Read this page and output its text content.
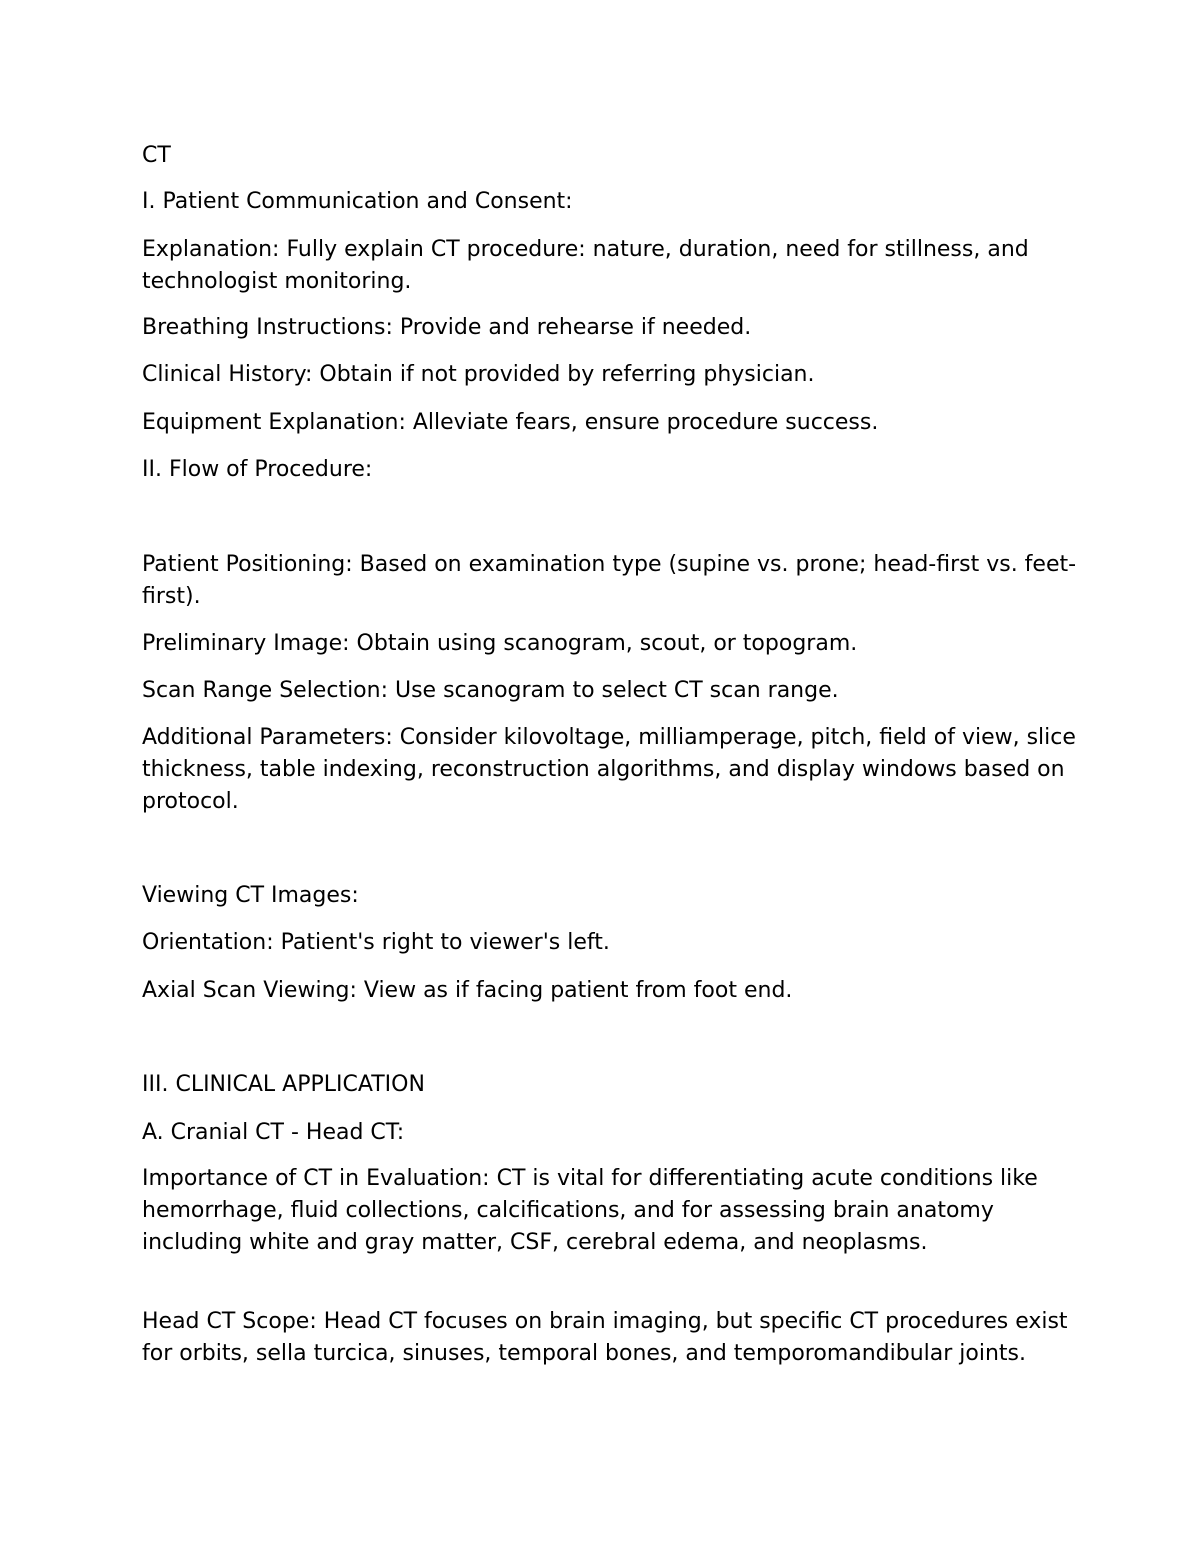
CT

I. Patient Communication and Consent:

Explanation: Fully explain CT procedure: nature, duration, need for stillness, and technologist monitoring.

Breathing Instructions: Provide and rehearse if needed.

Clinical History: Obtain if not provided by referring physician.

Equipment Explanation: Alleviate fears, ensure procedure success.

II. Flow of Procedure:

Patient Positioning: Based on examination type (supine vs. prone; head-first vs. feet-first).

Preliminary Image: Obtain using scanogram, scout, or topogram.

Scan Range Selection: Use scanogram to select CT scan range.

Additional Parameters: Consider kilovoltage, milliamperage, pitch, field of view, slice thickness, table indexing, reconstruction algorithms, and display windows based on protocol.

Viewing CT Images:

Orientation: Patient's right to viewer's left.

Axial Scan Viewing: View as if facing patient from foot end.

III. CLINICAL APPLICATION

A. Cranial CT - Head CT:

Importance of CT in Evaluation: CT is vital for differentiating acute conditions like hemorrhage, fluid collections, calcifications, and for assessing brain anatomy including white and gray matter, CSF, cerebral edema, and neoplasms.

Head CT Scope: Head CT focuses on brain imaging, but specific CT procedures exist for orbits, sella turcica, sinuses, temporal bones, and temporomandibular joints.
